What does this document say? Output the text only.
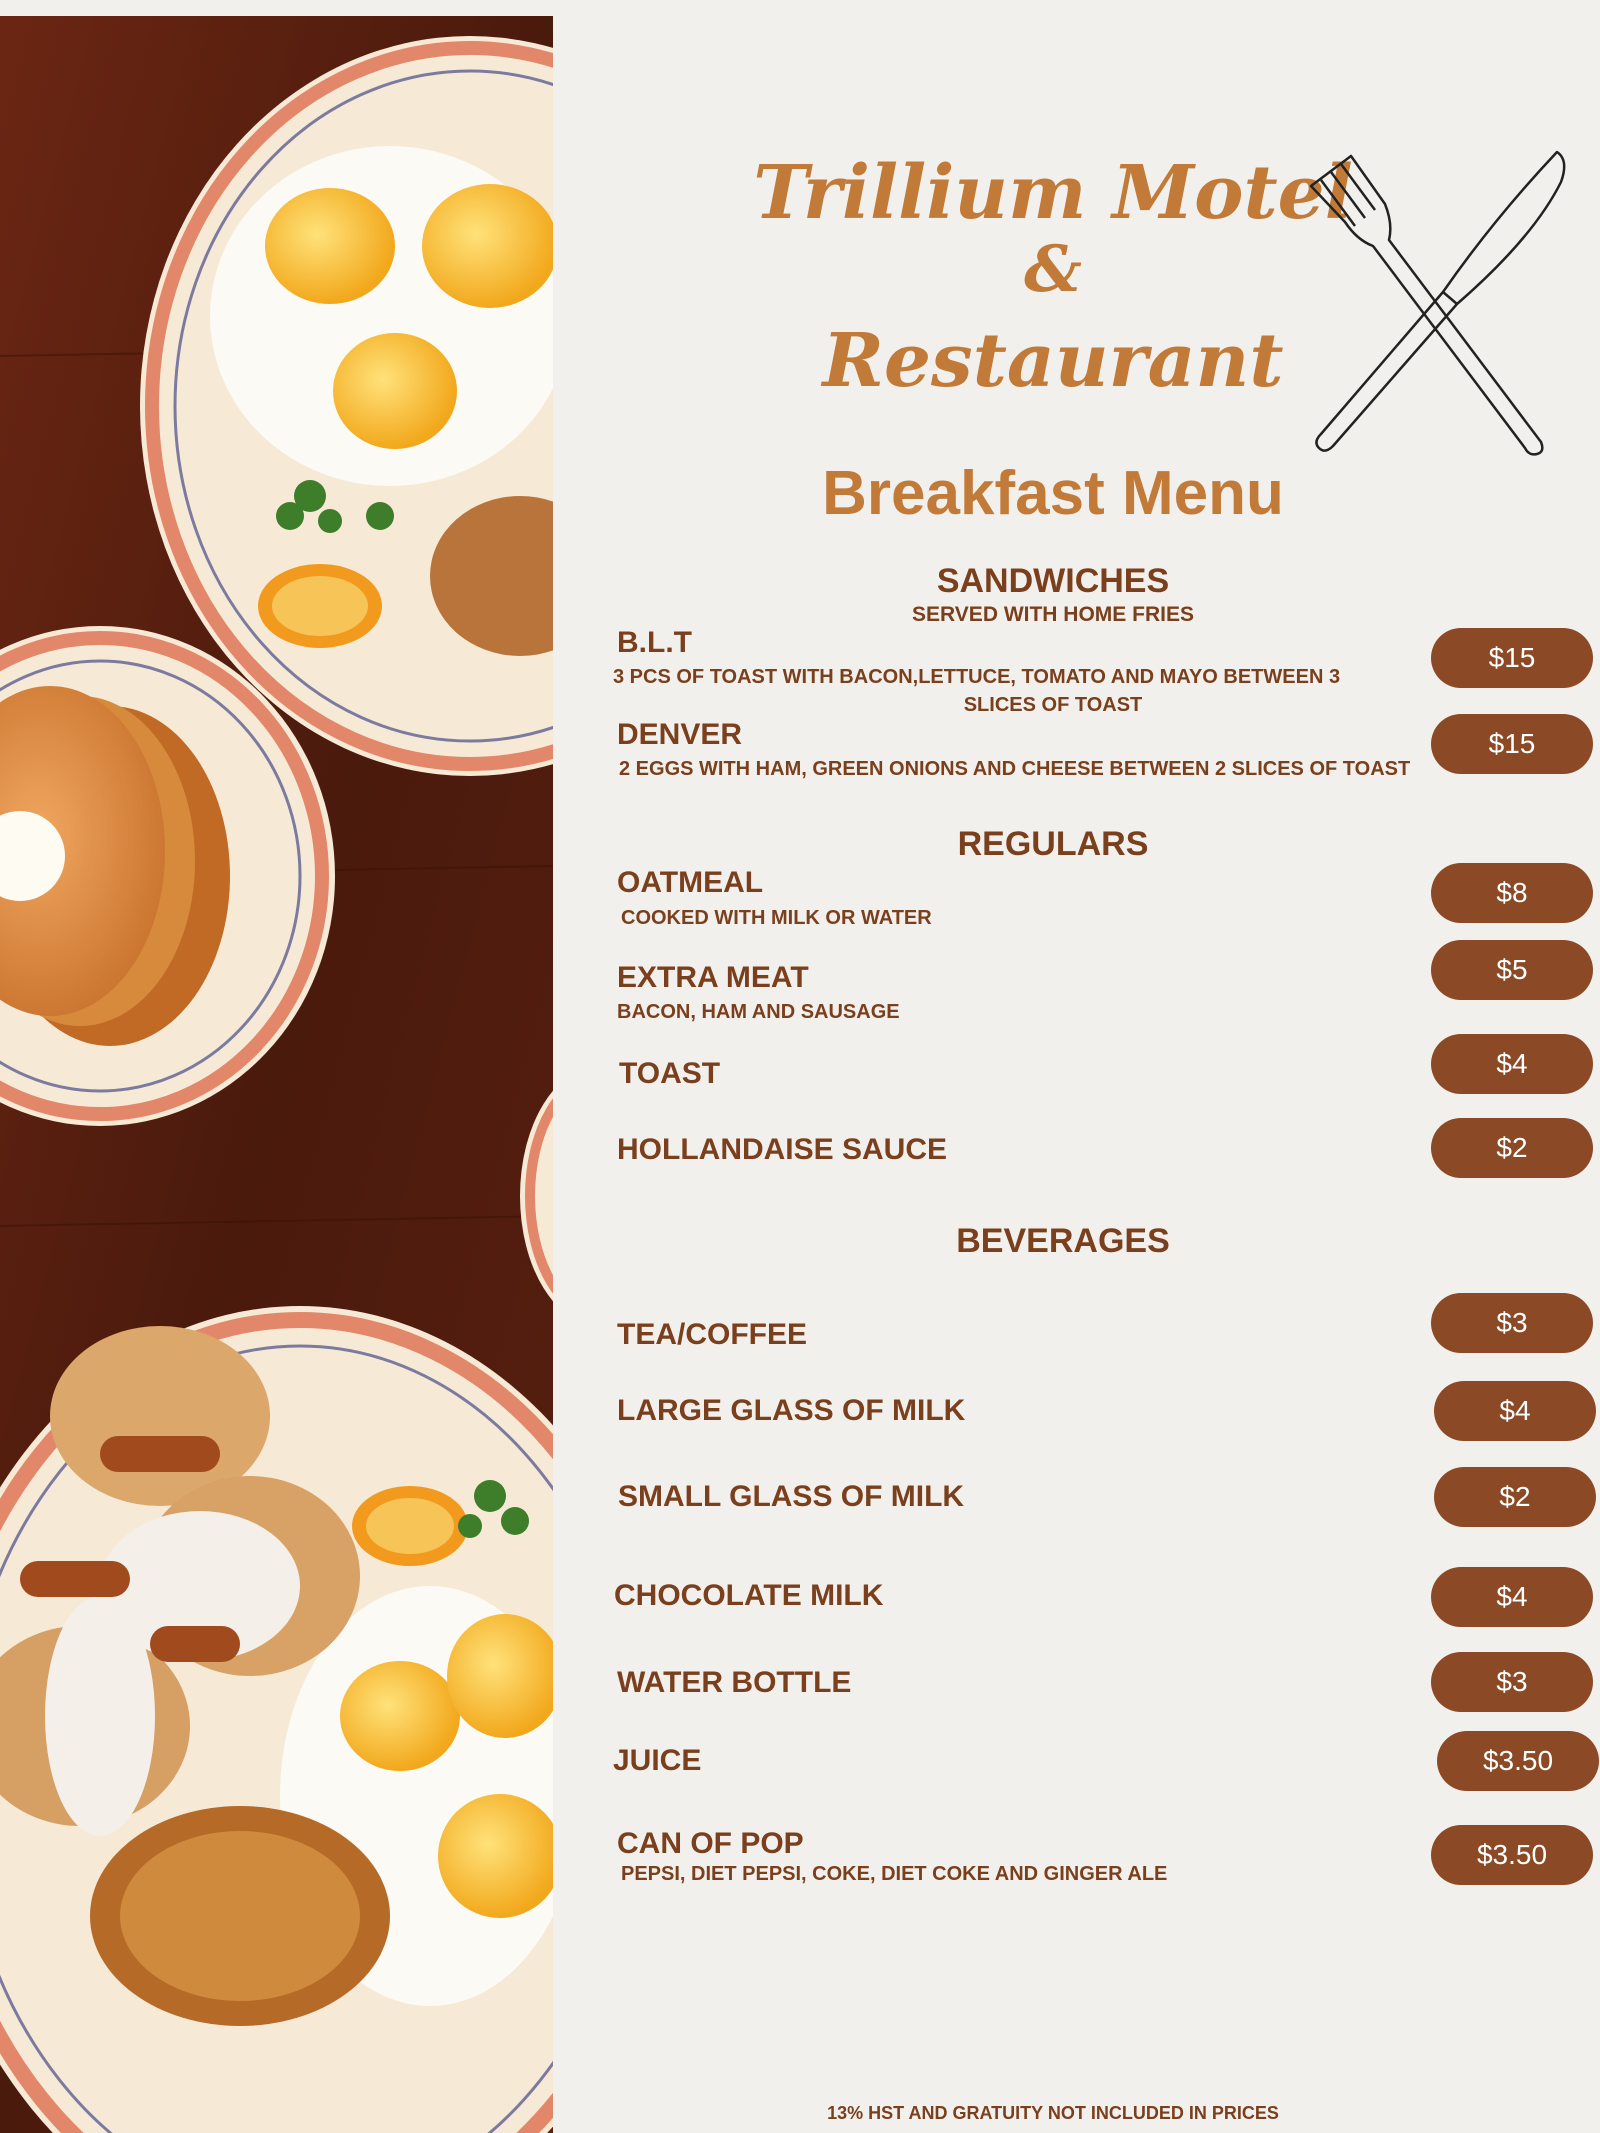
Trillium Motel
&
Restaurant
Breakfast Menu
SANDWICHES
SERVED WITH HOME FRIES
B.L.T
3 PCS OF TOAST WITH BACON,LETTUCE, TOMATO AND MAYO BETWEEN 3
SLICES OF TOAST
$15
DENVER
2 EGGS WITH HAM, GREEN ONIONS AND CHEESE BETWEEN 2 SLICES OF TOAST
$15
REGULARS
OATMEAL
COOKED WITH MILK OR WATER
$8
EXTRA MEAT
BACON, HAM AND SAUSAGE
$5
TOAST	$4
HOLLANDAISE SAUCE	$2
BEVERAGES
TEA/COFFEE	$3
LARGE GLASS OF MILK	$4
SMALL GLASS OF MILK	$2
CHOCOLATE MILK	$4
WATER BOTTLE	$3
JUICE	$3.50
CAN OF POP
PEPSI, DIET PEPSI, COKE, DIET COKE AND GINGER ALE
$3.50
13% HST AND GRATUITY NOT INCLUDED IN PRICES
